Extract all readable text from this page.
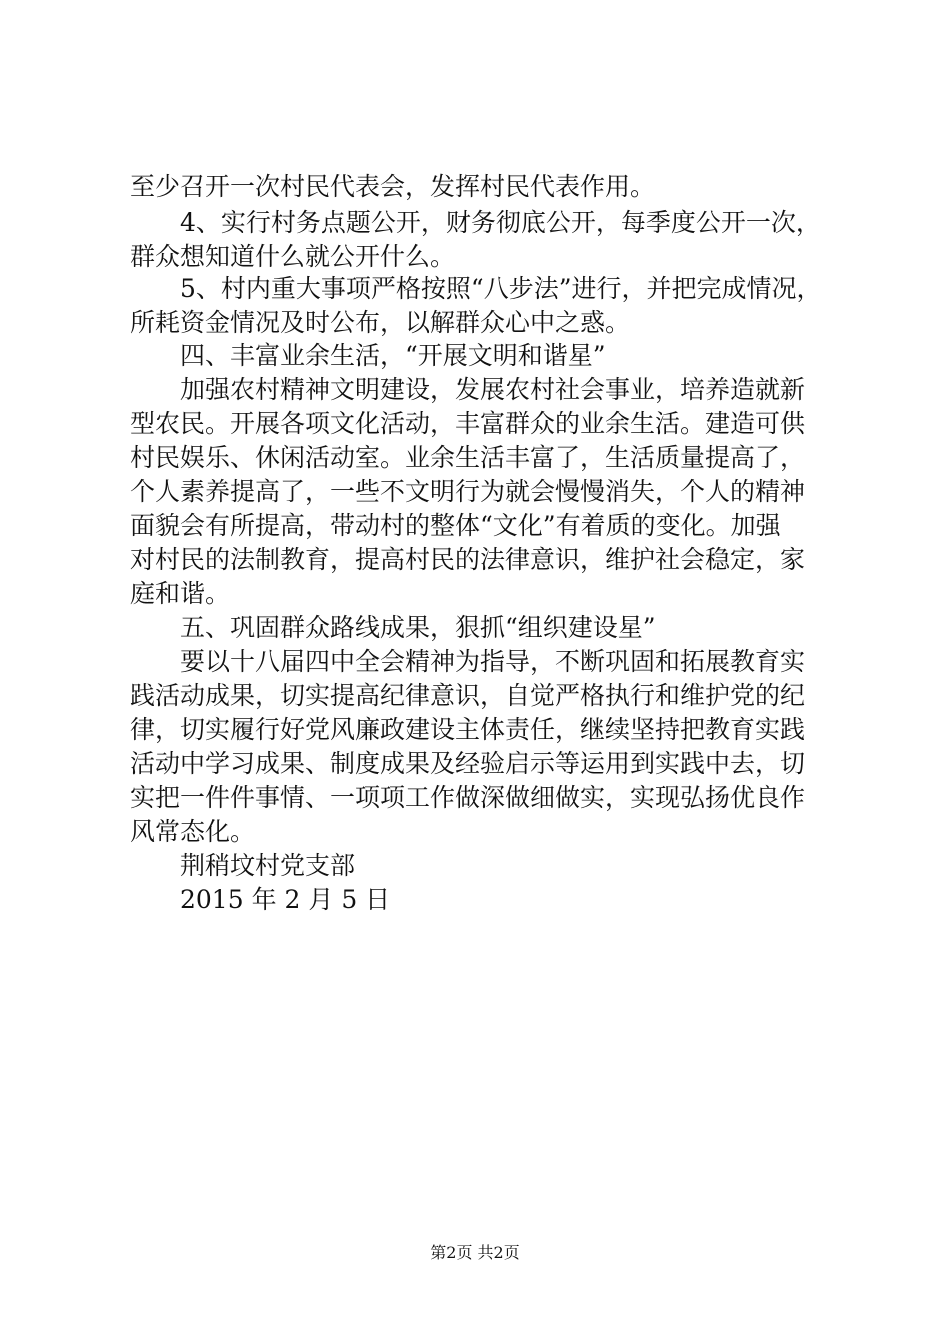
至少召开一次村民代表会，发挥村民代表作用。
4、实行村务点题公开，财务彻底公开，每季度公开一次，
群众想知道什么就公开什么。
5、村内重大事项严格按照“八步法”进行，并把完成情况，
所耗资金情况及时公布，以解群众心中之惑。
四、丰富业余生活，“开展文明和谐星”
加强农村精神文明建设，发展农村社会事业，培养造就新
型农民。开展各项文化活动，丰富群众的业余生活。建造可供
村民娱乐、休闲活动室。业余生活丰富了，生活质量提高了，
个人素养提高了，一些不文明行为就会慢慢消失，个人的精神
面貌会有所提高，带动村的整体“文化”有着质的变化。加强
对村民的法制教育，提高村民的法律意识，维护社会稳定，家
庭和谐。
五、巩固群众路线成果，狠抓“组织建设星”
要以十八届四中全会精神为指导，不断巩固和拓展教育实
践活动成果，切实提高纪律意识，自觉严格执行和维护党的纪
律，切实履行好党风廉政建设主体责任，继续坚持把教育实践
活动中学习成果、制度成果及经验启示等运用到实践中去，切
实把一件件事情、一项项工作做深做细做实，实现弘扬优良作
风常态化。
荆稍坟村党支部
2015 年 2 月 5 日
第2页 共2页
